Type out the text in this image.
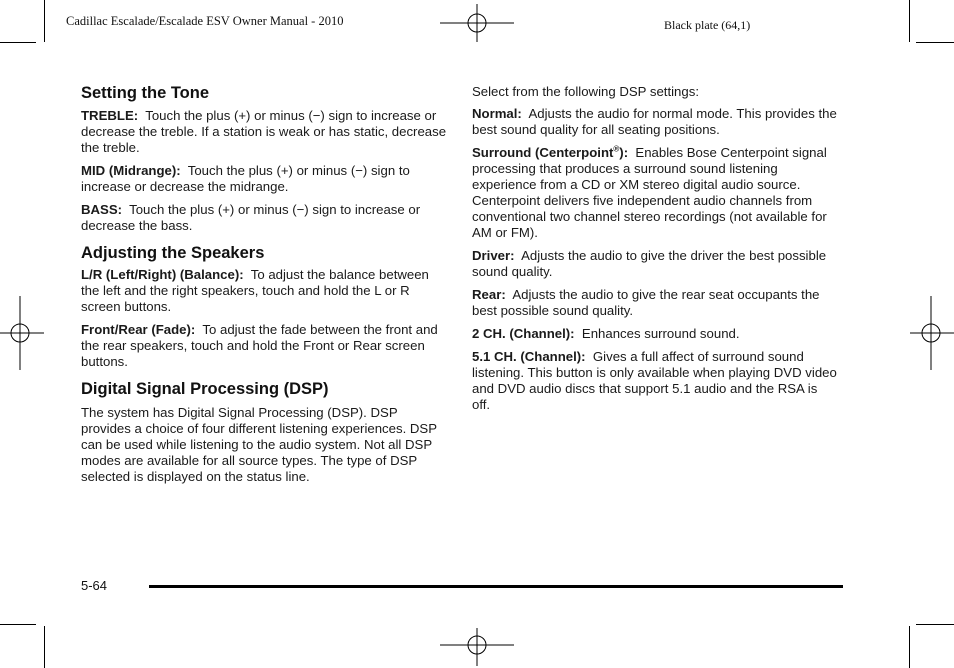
Cadillac Escalade/Escalade ESV Owner Manual - 2010	Black plate (64,1)
Setting the Tone

TREBLE: Touch the plus (+) or minus (−) sign to increase or decrease the treble. If a station is weak or has static, decrease the treble.

MID (Midrange): Touch the plus (+) or minus (−) sign to increase or decrease the midrange.

BASS: Touch the plus (+) or minus (−) sign to increase or decrease the bass.

Adjusting the Speakers

L/R (Left/Right) (Balance): To adjust the balance between the left and the right speakers, touch and hold the L or R screen buttons.

Front/Rear (Fade): To adjust the fade between the front and the rear speakers, touch and hold the Front or Rear screen buttons.

Digital Signal Processing (DSP)

The system has Digital Signal Processing (DSP). DSP provides a choice of four different listening experiences. DSP can be used while listening to the audio system. Not all DSP modes are available for all source types. The type of DSP selected is displayed on the status line.

Select from the following DSP settings:

Normal: Adjusts the audio for normal mode. This provides the best sound quality for all seating positions.

Surround (Centerpoint®): Enables Bose Centerpoint signal processing that produces a surround sound listening experience from a CD or XM stereo digital audio source. Centerpoint delivers five independent audio channels from conventional two channel stereo recordings (not available for AM or FM).

Driver: Adjusts the audio to give the driver the best possible sound quality.

Rear: Adjusts the audio to give the rear seat occupants the best possible sound quality.

2 CH. (Channel): Enhances surround sound.

5.1 CH. (Channel): Gives a full affect of surround sound listening. This button is only available when playing DVD video and DVD audio discs that support 5.1 audio and the RSA is off.

5-64
